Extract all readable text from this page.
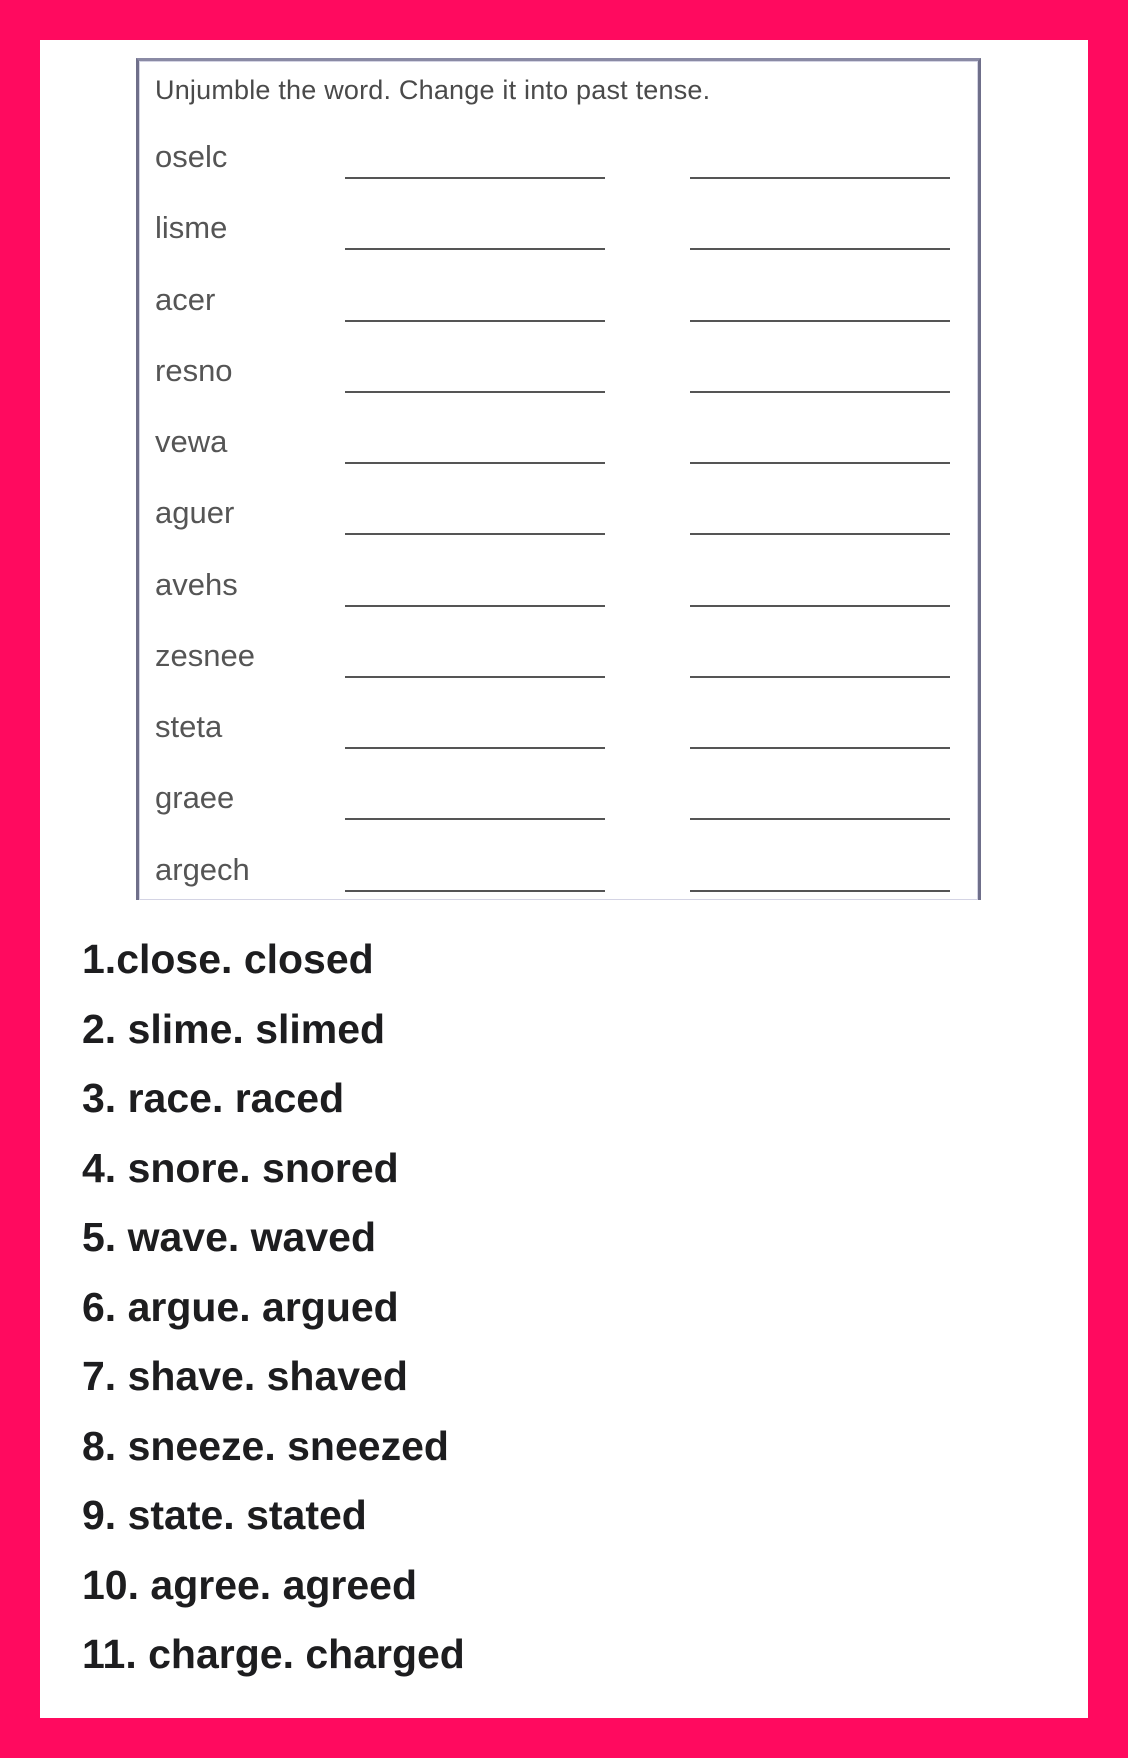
Unjumble the word. Change it into past tense.
oselc
lisme
acer
resno
vewa
aguer
avehs
zesnee
steta
graee
argech
1.close. closed
2. slime. slimed
3. race. raced
4. snore. snored
5. wave. waved
6. argue. argued
7. shave. shaved
8. sneeze. sneezed
9. state. stated
10. agree. agreed
11. charge. charged
